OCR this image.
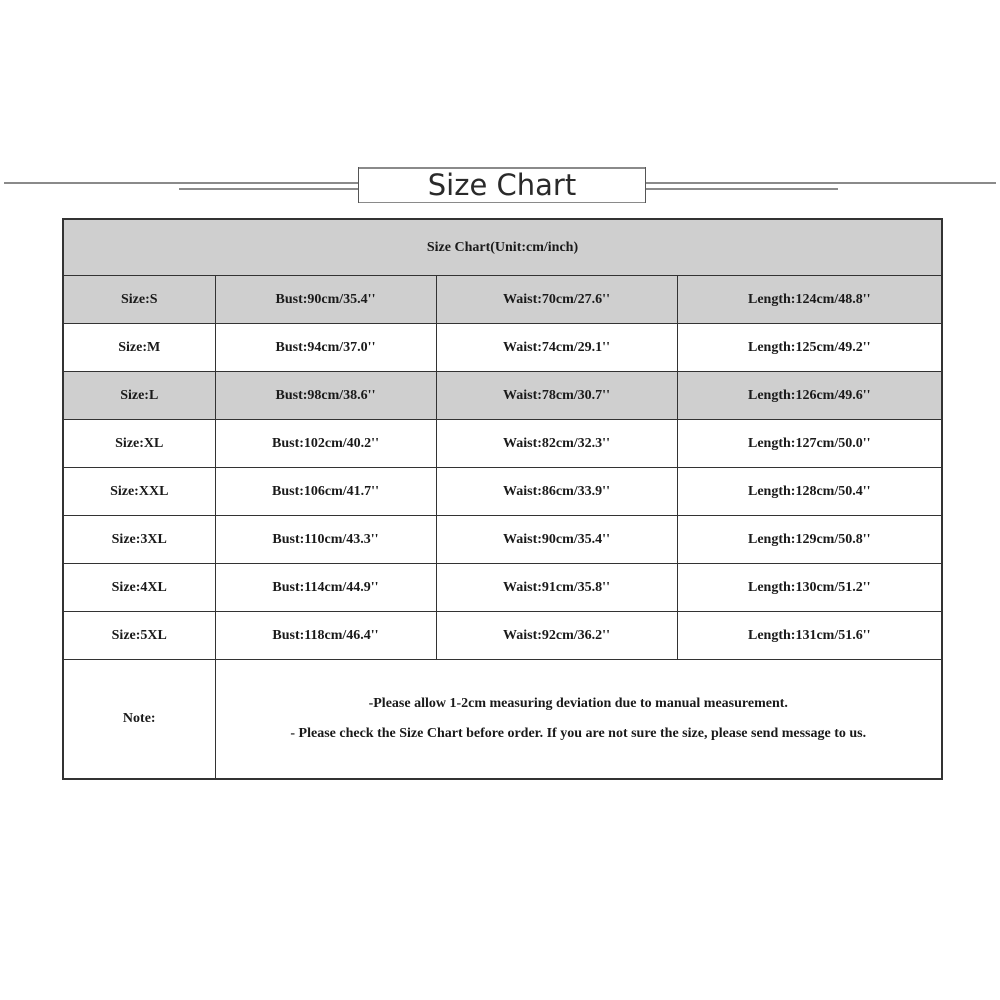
Size Chart
Size Chart(Unit:cm/inch)			
Size:S	Bust:90cm/35.4''	Waist:70cm/27.6''	Length:124cm/48.8''
Size:M	Bust:94cm/37.0''	Waist:74cm/29.1''	Length:125cm/49.2''
Size:L	Bust:98cm/38.6''	Waist:78cm/30.7''	Length:126cm/49.6''
Size:XL	Bust:102cm/40.2''	Waist:82cm/32.3''	Length:127cm/50.0''
Size:XXL	Bust:106cm/41.7''	Waist:86cm/33.9''	Length:128cm/50.4''
Size:3XL	Bust:110cm/43.3''	Waist:90cm/35.4''	Length:129cm/50.8''
Size:4XL	Bust:114cm/44.9''	Waist:91cm/35.8''	Length:130cm/51.2''
Size:5XL	Bust:118cm/46.4''	Waist:92cm/36.2''	Length:131cm/51.6''
Note:	-Please allow 1-2cm measuring deviation due to manual measurement.
- Please check the Size Chart before order. If you are not sure the size, please send message to us.		
